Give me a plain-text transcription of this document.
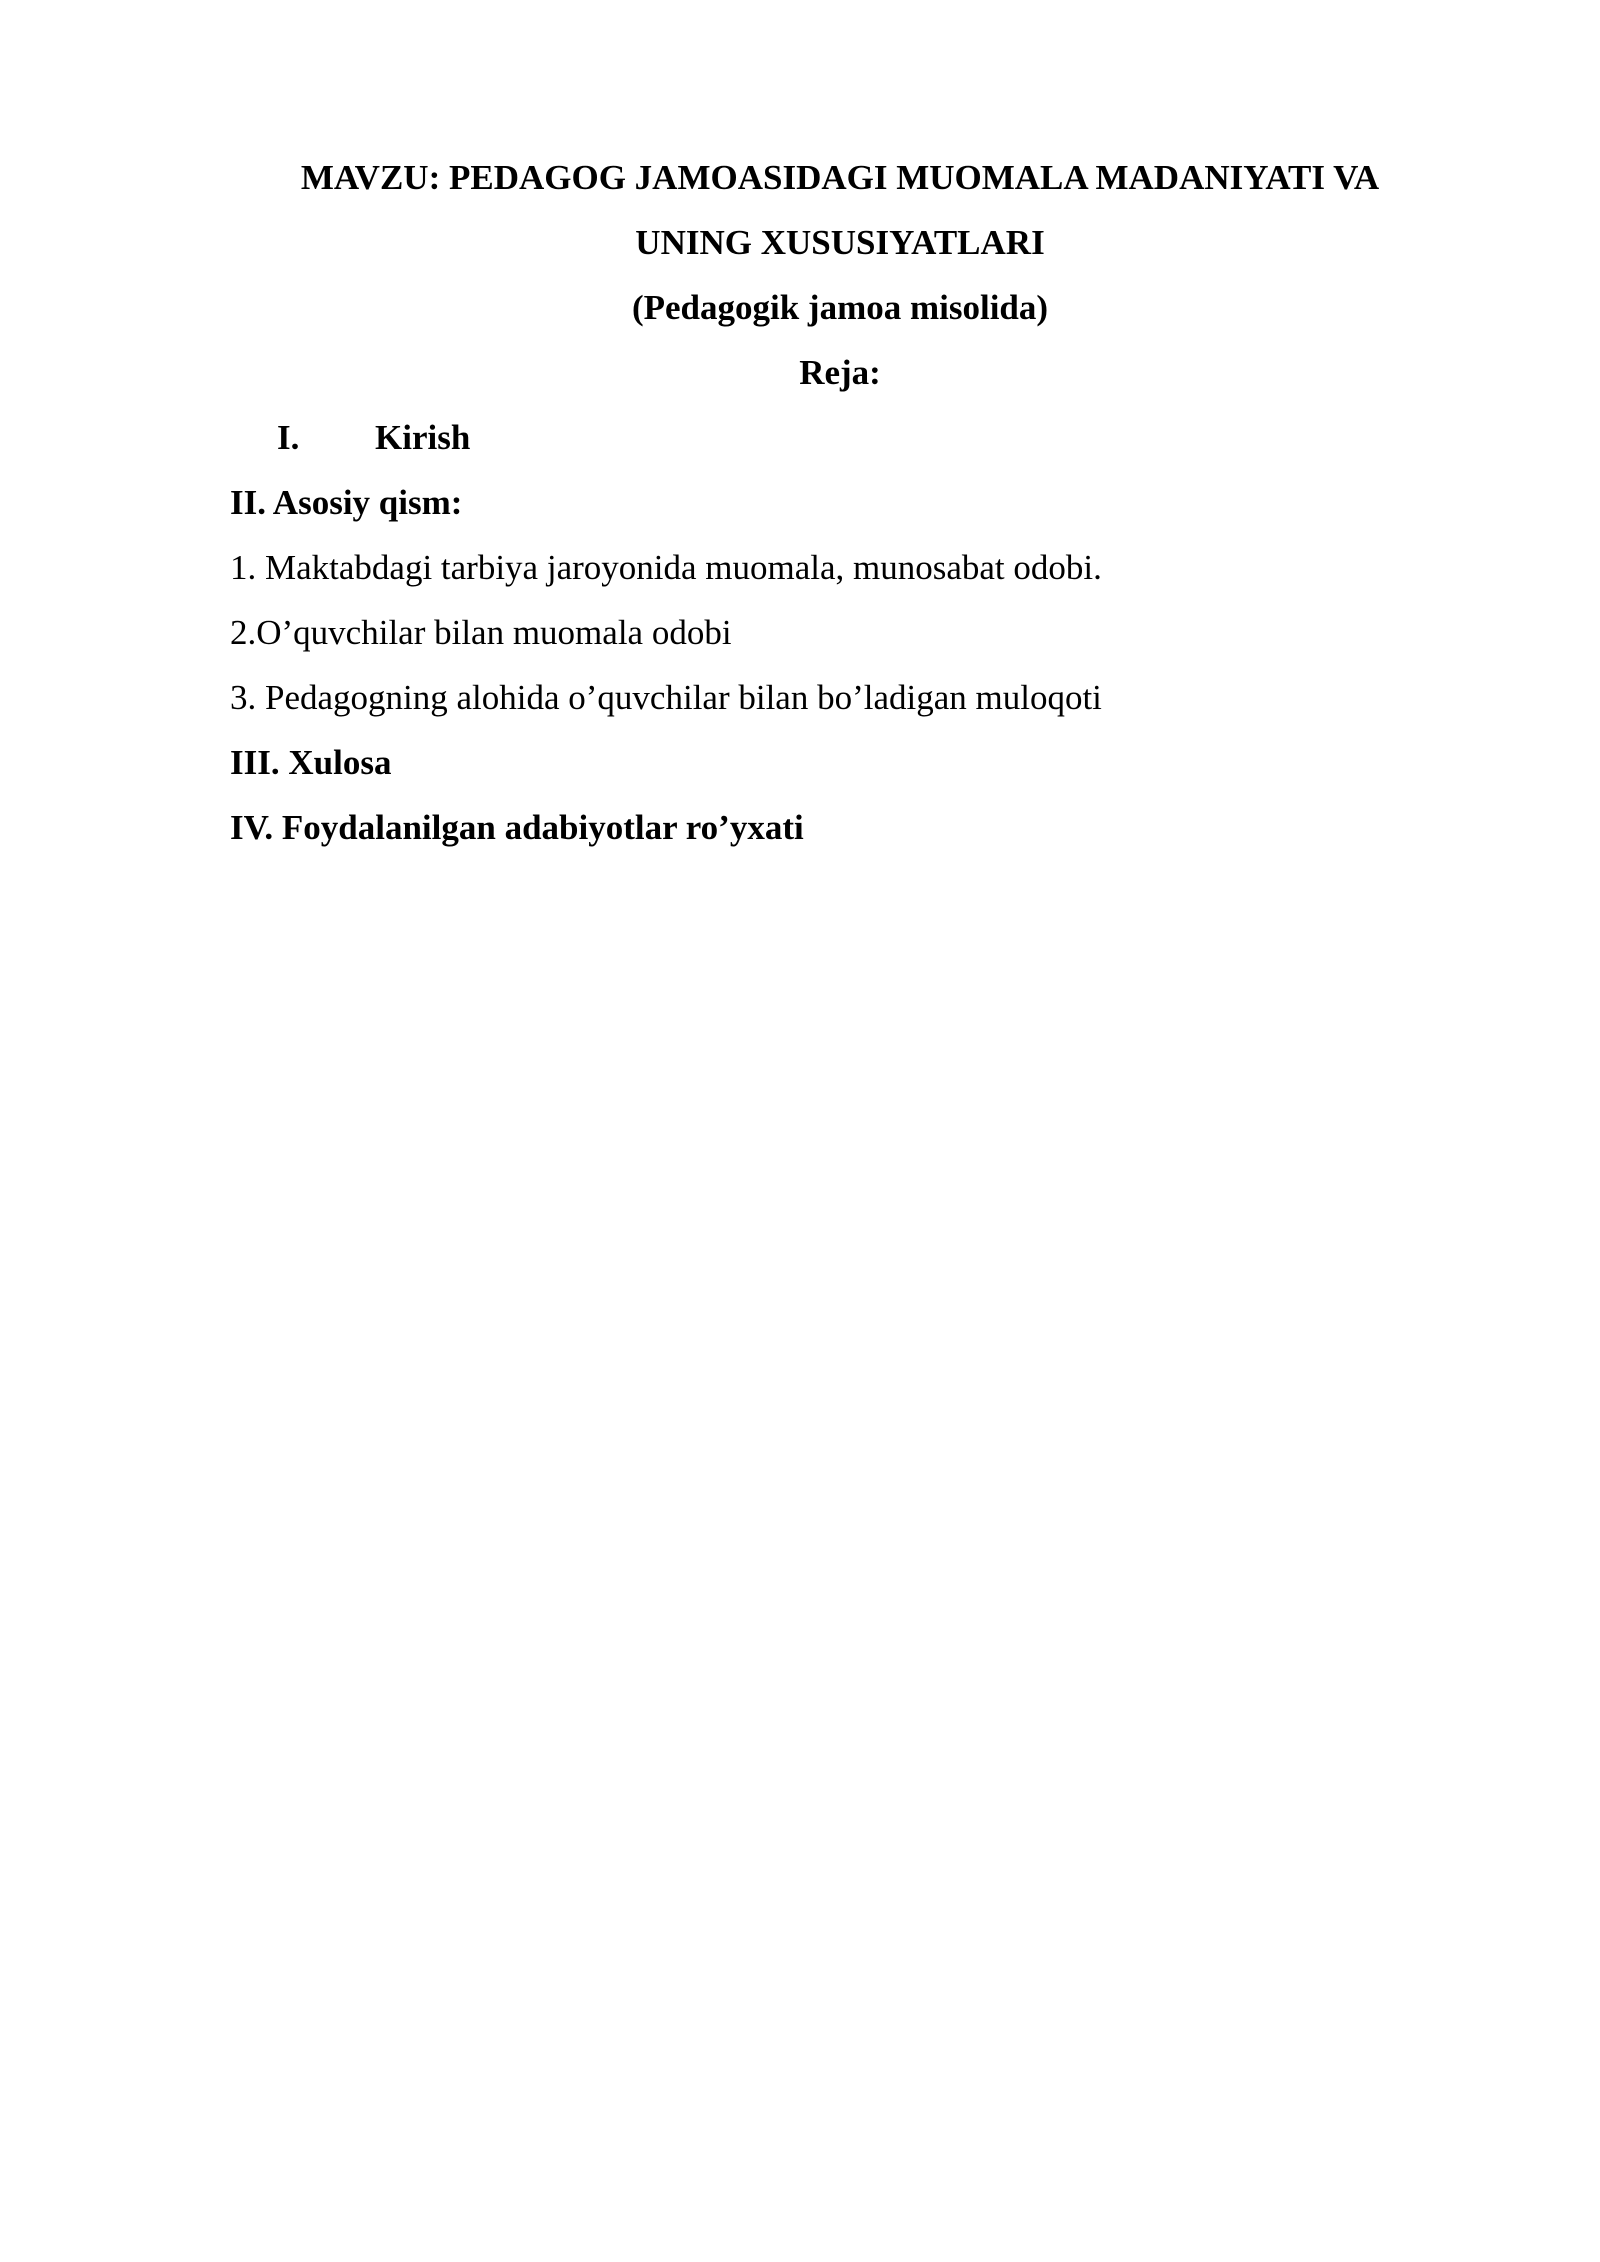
MAVZU: PEDAGOG JAMOASIDAGI MUOMALA MADANIYATI VA
UNING XUSUSIYATLARI
(Pedagogik jamoa misolida)
Reja:
I. Kirish
II. Asosiy qism:
1. Maktabdagi tarbiya jaroyonida muomala, munosabat odobi.
2.O’quvchilar bilan muomala odobi
3. Pedagogning alohida o’quvchilar bilan bo’ladigan muloqoti
III. Xulosa
IV. Foydalanilgan adabiyotlar ro’yxati
